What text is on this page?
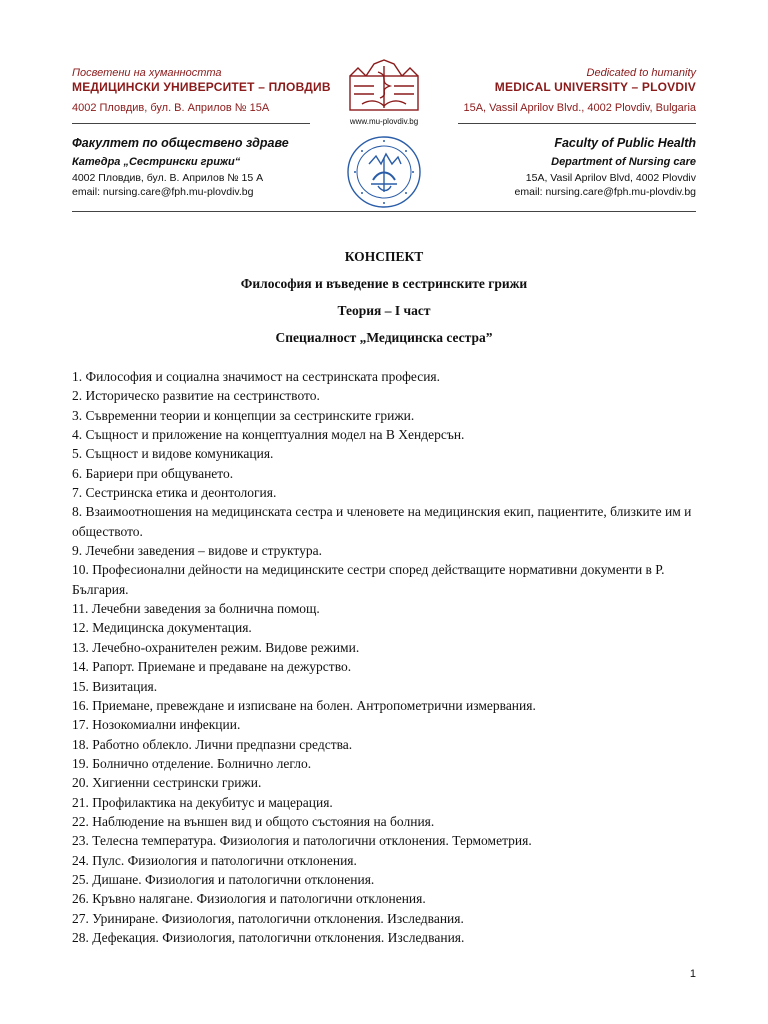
Посветени на хуманността
МЕДИЦИНСКИ УНИВЕРСИТЕТ – ПЛОВДИВ
4002 Пловдив, бул. В. Априлов № 15А
Dedicated to humanity
MEDICAL UNIVERSITY – PLOVDIV
15A, Vassil Aprilov Blvd., 4002 Plovdiv, Bulgaria
www.mu-plovdiv.bg
Факултет по обществено здраве
Катедра „Сестрински грижи“
4002 Пловдив, бул. В. Априлов № 15 А
email: nursing.care@fph.mu-plovdiv.bg
Faculty of Public Health
Department of Nursing care
15A, Vasil Aprilov Blvd, 4002 Plovdiv
email: nursing.care@fph.mu-plovdiv.bg
КОНСПЕКТ
Философия и въведение в сестринските грижи
Теория – I част
Специалност „Медицинска сестра”
1. Философия и социална значимост на сестринската професия.
2. Историческо развитие на сестринството.
3. Съвременни теории и концепции за сестринските грижи.
4. Същност и приложение на концептуалния модел на В Хендерсън.
5. Същност и видове комуникация.
6. Бариери при общуването.
7. Сестринска етика и деонтология.
8. Взаимоотношения на медицинската сестра и членовете на медицинския екип, пациентите, близките им и обществото.
9. Лечебни заведения – видове и структура.
10. Професионални дейности на медицинските сестри според действащите нормативни документи в Р. България.
11. Лечебни заведения за болнична помощ.
12. Медицинска документация.
13. Лечебно-охранителен режим. Видове режими.
14. Рапорт. Приемане и предаване на дежурство.
15. Визитация.
16. Приемане, превеждане и изписване на болен. Антропометрични измервания.
17. Нозокомиални инфекции.
18. Работно облекло. Лични предпазни средства.
19. Болнично отделение. Болнично легло.
20. Хигиенни сестрински грижи.
21. Профилактика на декубитус и мацерация.
22. Наблюдение на външен вид и общото състояния на болния.
23. Телесна температура. Физиология и патологични отклонения. Термометрия.
24. Пулс. Физиология и патологични отклонения.
25. Дишане. Физиология и патологични отклонения.
26. Кръвно налягане. Физиология и патологични отклонения.
27. Уриниране. Физиология, патологични отклонения. Изследвания.
28. Дефекация. Физиология, патологични отклонения. Изследвания.
1
